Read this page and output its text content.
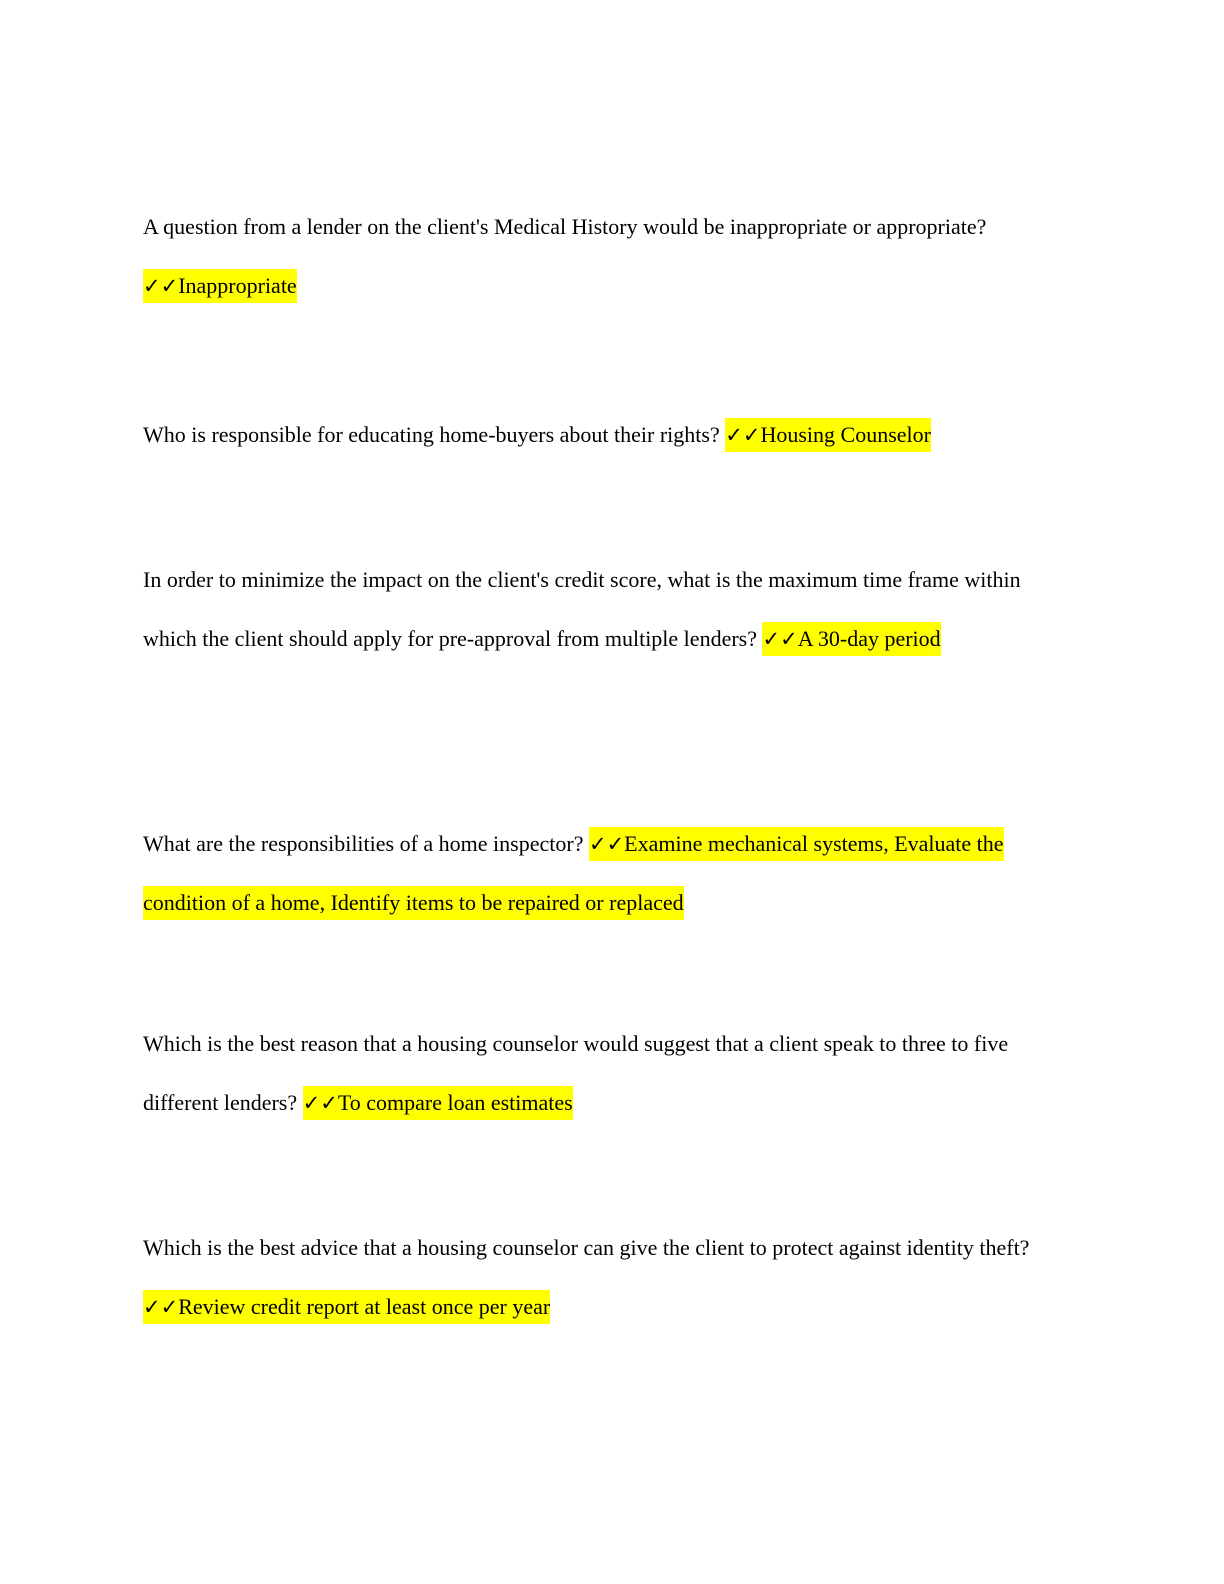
A question from a lender on the client's Medical History would be inappropriate or appropriate? ✓✓Inappropriate

Who is responsible for educating home-buyers about their rights? ✓✓Housing Counselor

In order to minimize the impact on the client's credit score, what is the maximum time frame within which the client should apply for pre-approval from multiple lenders? ✓✓A 30-day period

What are the responsibilities of a home inspector? ✓✓Examine mechanical systems, Evaluate the condition of a home, Identify items to be repaired or replaced

Which is the best reason that a housing counselor would suggest that a client speak to three to five different lenders? ✓✓To compare loan estimates

Which is the best advice that a housing counselor can give the client to protect against identity theft? ✓✓Review credit report at least once per year
